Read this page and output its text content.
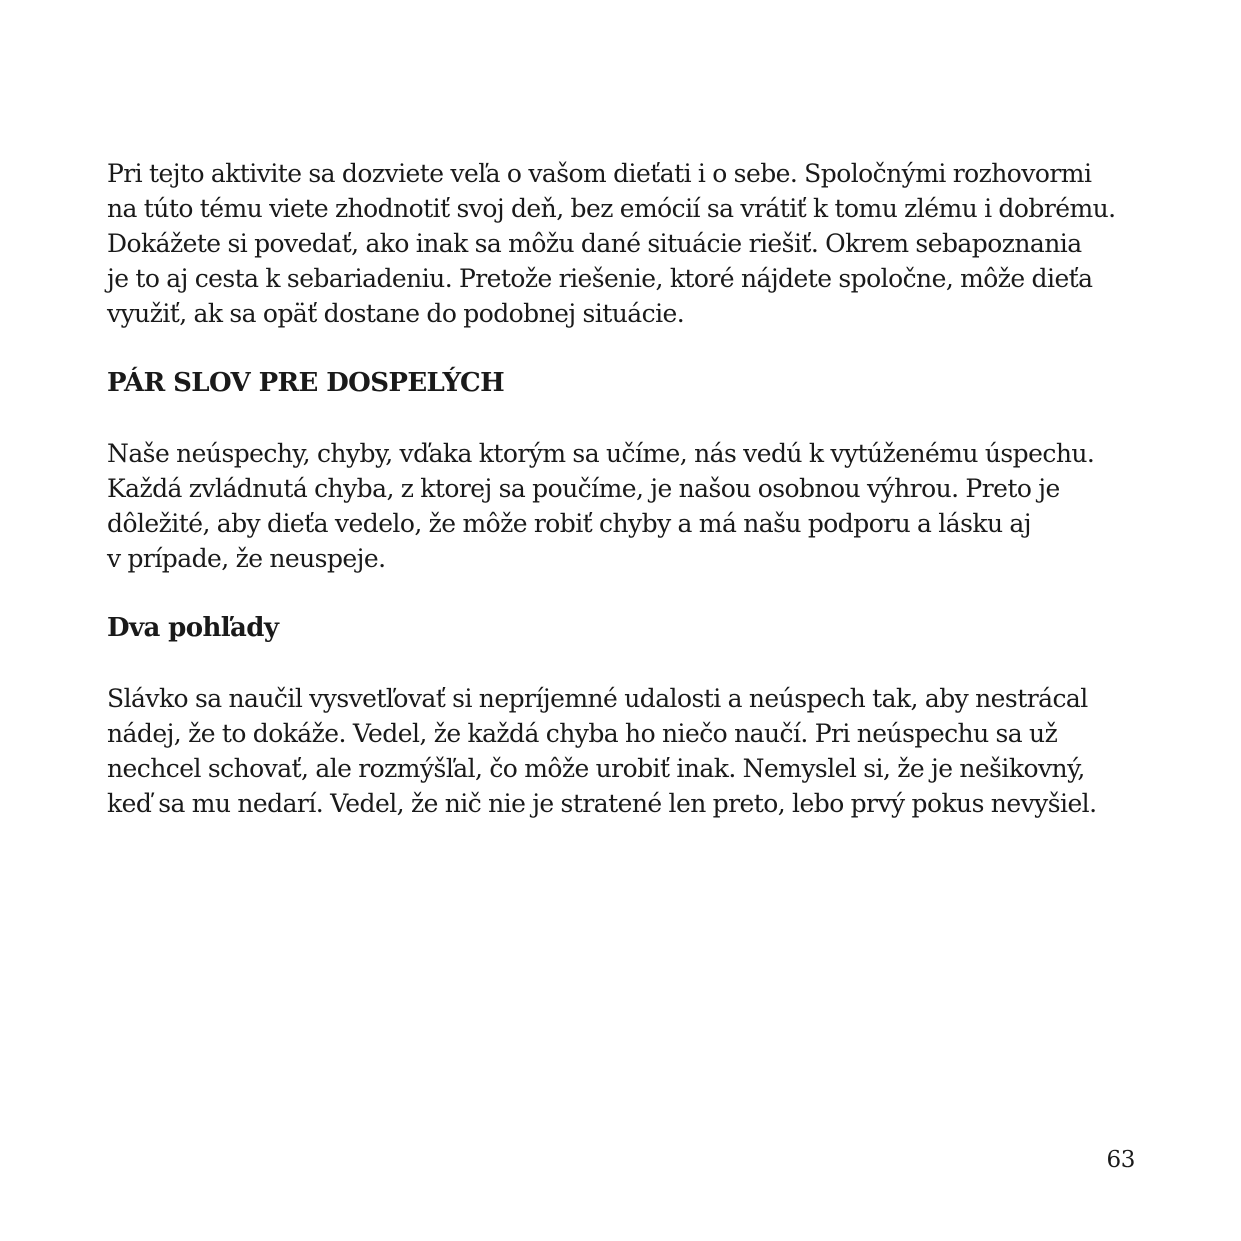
Pri tejto aktivite sa dozviete veľa o vašom dieťati i o sebe. Spoločnými rozhovormi
na túto tému viete zhodnotiť svoj deň, bez emócií sa vrátiť k tomu zlému i dobrému.
Dokážete si povedať, ako inak sa môžu dané situácie riešiť. Okrem sebapoznania
je to aj cesta k sebariadeniu. Pretože riešenie, ktoré nájdete spoločne, môže dieťa
využiť, ak sa opäť dostane do podobnej situácie.
PÁR SLOV PRE DOSPELÝCH
Naše neúspechy, chyby, vďaka ktorým sa učíme, nás vedú k vytúženému úspechu.
Každá zvládnutá chyba, z ktorej sa poučíme, je našou osobnou výhrou. Preto je
dôležité, aby dieťa vedelo, že môže robiť chyby a má našu podporu a lásku aj
v prípade, že neuspeje.
Dva pohľady
Slávko sa naučil vysvetľovať si nepríjemné udalosti a neúspech tak, aby nestrácal
nádej, že to dokáže. Vedel, že každá chyba ho niečo naučí. Pri neúspechu sa už
nechcel schovať, ale rozmýšľal, čo môže urobiť inak. Nemyslel si, že je nešikovný,
keď sa mu nedarí. Vedel, že nič nie je stratené len preto, lebo prvý pokus nevyšiel.
63
